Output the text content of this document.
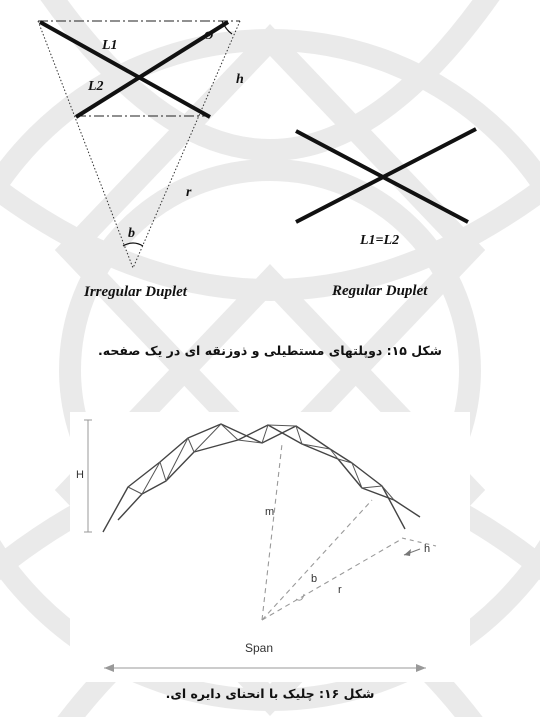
L1
L2
Θ
h
r
b
Irregular Duplet
L1=L2
Regular Duplet
شکل ۱۵: دوپلتهای مستطیلی و ذوزنقه ای در یک صفحه.
H
m
b
r
h
Span
شکل ۱۶: چلیک با انحنای دایره ای.
